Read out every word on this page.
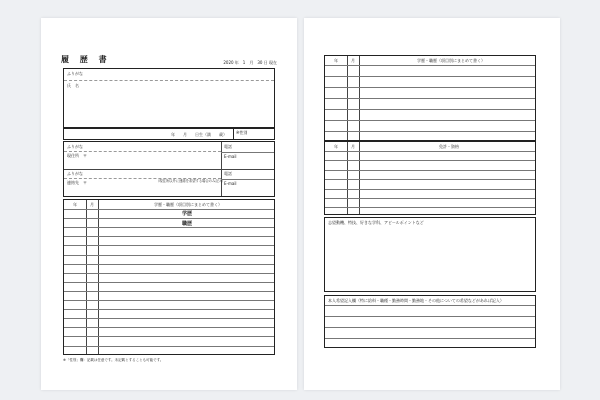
履 歴 書	2020 年　1　月　30 日 現在
ふりがな
氏　名
※性別
年　　月　　日生（満　　歳）
ふりがな
現住所　〒
電話
E-mail
ふりがな
連絡先　〒	（現住所以外に連絡を希望する場合のみ記入）
電話
E-mail
年	月	学歴・職歴（項目別にまとめて書く）
学歴
職歴
※「性別」欄：記載は任意です。未記載とすることも可能です。
年	月	学歴・職歴（項目別にまとめて書く）
年	月	免許・資格
志望動機、特技、好きな学科、アピールポイントなど
本人希望記入欄（特に給料・職種・勤務時間・勤務地・その他についての希望などがあれば記入）
